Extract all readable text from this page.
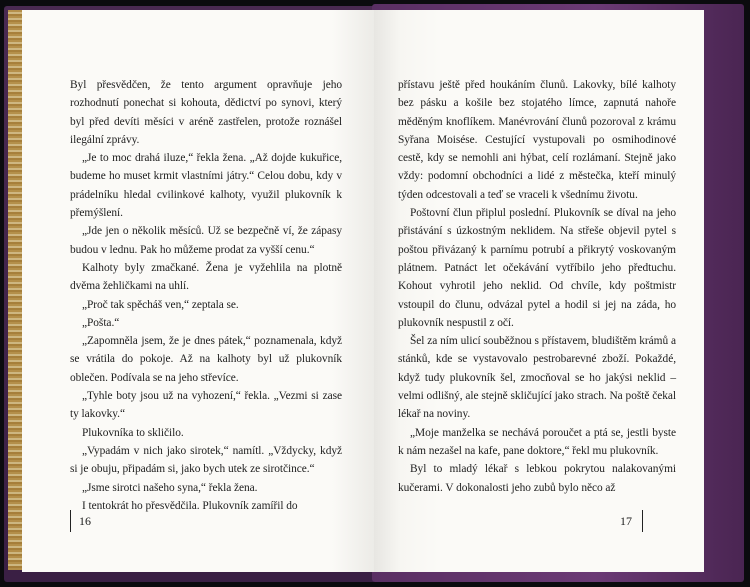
Byl přesvědčen, že tento argument opravňuje jeho rozhodnutí ponechat si kohouta, dědictví po synovi, který byl před devíti měsíci v aréně zastřelen, protože roznášel ilegální zprávy.

„Je to moc drahá iluze,“ řekla žena. „Až dojde kukuřice, budeme ho muset krmit vlastními játry.“ Celou dobu, kdy v prádelníku hledal cvilinkové kalhoty, využil plukovník k přemýšlení.

„Jde jen o několik měsíců. Už se bezpečně ví, že zápasy budou v lednu. Pak ho můžeme prodat za vyšší cenu.“

Kalhoty byly zmačkané. Žena je vyžehlila na plotně dvěma žehličkami na uhlí.

„Proč tak spěcháš ven,“ zeptala se.

„Pošta.“

„Zapomněla jsem, že je dnes pátek,“ poznamenala, když se vrátila do pokoje. Až na kalhoty byl už plukovník oblečen. Podívala se na jeho střevíce.

„Tyhle boty jsou už na vyhození,“ řekla. „Vezmi si zase ty lakovky.“

Plukovníka to skličilo.

„Vypadám v nich jako sirotek,“ namítl. „Vždycky, když si je obuju, připadám si, jako bych utek ze sirotčince.“

„Jsme sirotci našeho syna,“ řekla žena.

I tentokrát ho přesvědčila. Plukovník zamířil do

16

přístavu ještě před houkáním člunů. Lakovky, bílé kalhoty bez pásku a košile bez stojatého límce, zapnutá nahoře měděným knoflíkem. Manévrování člunů pozoroval z krámu Syřana Moisése. Cestující vystupovali po osmihodinové cestě, kdy se nemohli ani hýbat, celí rozlámaní. Stejně jako vždy: podomní obchodníci a lidé z městečka, kteří minulý týden odcestovali a teď se vraceli k všednímu životu.

Poštovní člun připlul poslední. Plukovník se díval na jeho přistávání s úzkostným neklidem. Na střeše objevil pytel s poštou přivázaný k parnímu potrubí a přikrytý voskovaným plátnem. Patnáct let očekávání vytříbilo jeho předtuchu. Kohout vyhrotil jeho neklid. Od chvíle, kdy poštmistr vstoupil do člunu, odvázal pytel a hodil si jej na záda, ho plukovník nespustil z očí.

Šel za ním ulicí souběžnou s přístavem, bludištěm krámů a stánků, kde se vystavovalo pestrobarevné zboží. Pokaždé, když tudy plukovník šel, zmocňoval se ho jakýsi neklid – velmi odlišný, ale stejně skličující jako strach. Na poště čekal lékař na noviny.

„Moje manželka se nechává poroučet a ptá se, jestli byste k nám nezašel na kafe, pane doktore,“ řekl mu plukovník.

Byl to mladý lékař s lebkou pokrytou nalakovanými kučerami. V dokonalosti jeho zubů bylo něco až

17
